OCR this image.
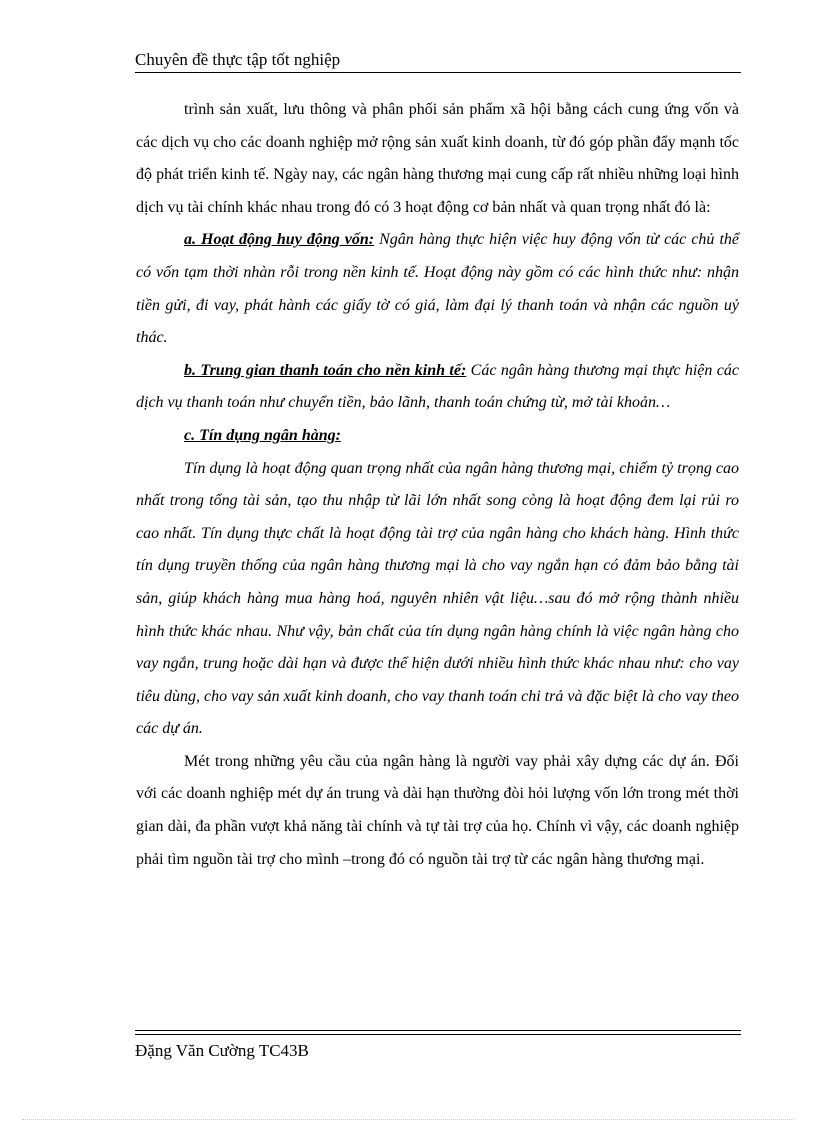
Chuyên đề thực tập tốt nghiệp

trình sản xuất, lưu thông và phân phối sản phẩm xã hội bằng cách cung ứng vốn và các dịch vụ cho các doanh nghiệp mở rộng sản xuất kinh doanh, từ đó góp phần đẩy mạnh tốc độ phát triển kinh tế. Ngày nay, các ngân hàng thương mại cung cấp rất nhiều những loại hình dịch vụ tài chính khác nhau trong đó có 3 hoạt động cơ bản nhất và quan trọng nhất đó là:

a. Hoạt động huy động vốn: Ngân hàng thực hiện việc huy động vốn từ các chủ thể có vốn tạm thời nhàn rỗi trong nền kinh tế. Hoạt động này gồm có các hình thức như: nhận tiền gửi, đi vay, phát hành các giấy tờ có giá, làm đại lý thanh toán và nhận các nguồn uỷ thác.

b. Trung gian thanh toán cho nền kinh tế: Các ngân hàng thương mại thực hiện các dịch vụ thanh toán như chuyển tiền, bảo lãnh, thanh toán chứng từ, mở tài khoản…

c. Tín dụng ngân hàng:

Tín dụng là hoạt động quan trọng nhất của ngân hàng thương mại, chiếm tỷ trọng cao nhất trong tổng tài sản, tạo thu nhập từ lãi lớn nhất song còng là hoạt động đem lại rủi ro cao nhất. Tín dụng thực chất là hoạt động tài trợ của ngân hàng cho khách hàng. Hình thức tín dụng truyền thống của ngân hàng thương mại là cho vay ngắn hạn có đảm bảo bằng tài sản, giúp khách hàng mua hàng hoá, nguyên nhiên vật liệu…sau đó mở rộng thành nhiều hình thức khác nhau. Như vậy, bản chất của tín dụng ngân hàng chính là việc ngân hàng cho vay ngắn, trung hoặc dài hạn và được thể hiện dưới nhiều hình thức khác nhau như: cho vay tiêu dùng, cho vay sản xuất kinh doanh, cho vay thanh toán chi trả và đặc biệt là cho vay theo các dự án.

Mét trong những yêu cầu của ngân hàng là người vay phải xây dựng các dự án. Đối với các doanh nghiệp mét dự án trung và dài hạn thường đòi hỏi lượng vốn lớn trong mét thời gian dài, đa phần vượt khả năng tài chính và tự tài trợ của họ. Chính vì vậy, các doanh nghiệp phải tìm nguồn tài trợ cho mình –trong đó có nguồn tài trợ từ các ngân hàng thương mại.

Đặng Văn Cường TC43B
